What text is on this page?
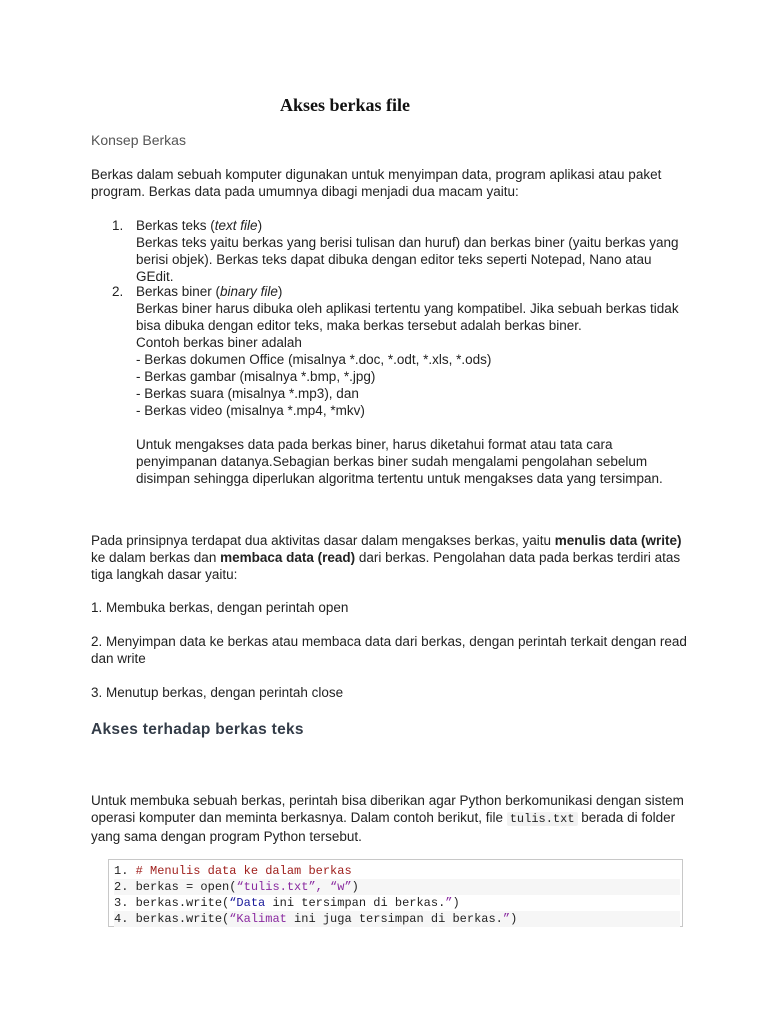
Akses berkas file
Konsep Berkas
Berkas dalam sebuah komputer digunakan untuk menyimpan data, program aplikasi atau paket program. Berkas data pada umumnya dibagi menjadi dua macam yaitu:
1. Berkas teks (text file)
Berkas teks yaitu berkas yang berisi tulisan dan huruf) dan berkas biner (yaitu berkas yang berisi objek). Berkas teks dapat dibuka dengan editor teks seperti Notepad, Nano atau GEdit.
2. Berkas biner (binary file)
Berkas biner harus dibuka oleh aplikasi tertentu yang kompatibel. Jika sebuah berkas tidak bisa dibuka dengan editor teks, maka berkas tersebut adalah berkas biner.
Contoh berkas biner adalah
- Berkas dokumen Office (misalnya *.doc, *.odt, *.xls, *.ods)
- Berkas gambar (misalnya *.bmp, *.jpg)
- Berkas suara (misalnya *.mp3), dan
- Berkas video (misalnya *.mp4, *mkv)
Untuk mengakses data pada berkas biner, harus diketahui format atau tata cara penyimpanan datanya.Sebagian berkas biner sudah mengalami pengolahan sebelum disimpan sehingga diperlukan algoritma tertentu untuk mengakses data yang tersimpan.
Pada prinsipnya terdapat dua aktivitas dasar dalam mengakses berkas, yaitu menulis data (write) ke dalam berkas dan membaca data (read) dari berkas. Pengolahan data pada berkas terdiri atas tiga langkah dasar yaitu:
1. Membuka berkas, dengan perintah open
2. Menyimpan data ke berkas atau membaca data dari berkas, dengan perintah terkait dengan read dan write
3. Menutup berkas, dengan perintah close
Akses terhadap berkas teks
Untuk membuka sebuah berkas, perintah bisa diberikan agar Python berkomunikasi dengan sistem operasi komputer dan meminta berkasnya. Dalam contoh berikut, file tulis.txt berada di folder yang sama dengan program Python tersebut.
1. # Menulis data ke dalam berkas
2. berkas = open(“tulis.txt”, “w”)
3. berkas.write(“Data ini tersimpan di berkas.”)
4. berkas.write(“Kalimat ini juga tersimpan di berkas.”)
